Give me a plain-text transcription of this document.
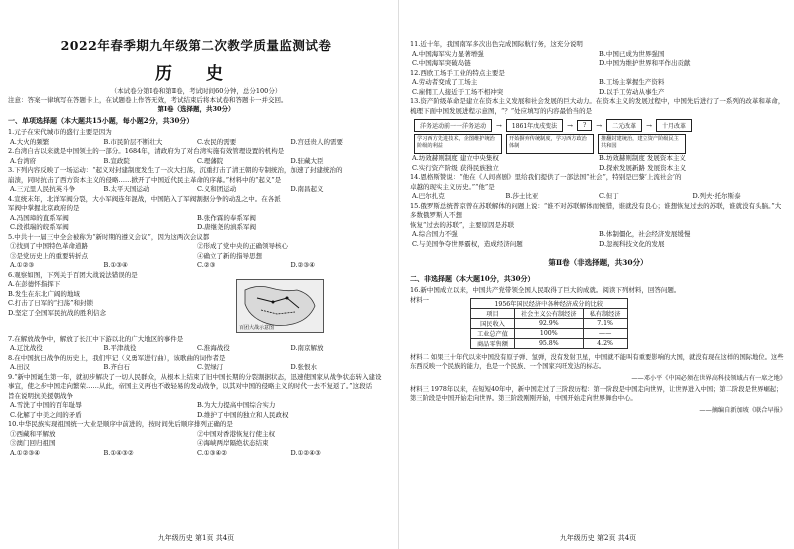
2022年春季期九年级第二次教学质量监测试卷
历 史
（本试卷分第Ⅰ卷和第Ⅱ卷，考试时间60分钟，总分100分）
注意：答案一律填写在答题卡上，在试题卷上作答无效，考试结束后将本试卷和答题卡一并交回。
第Ⅰ卷（选择题，共30分）
一、单项选择题（本大题共15小题，每小题2分，共30分）

1.元子在宋代城市的盛行主要是因为

A.大火的频繁	B.市民阶层不断壮大	C.农民的需要	D.宫廷贵人的需要

2.台湾自古以来就是中国领土的一部分。1684年，清政府为了对台湾实施有效管理设置的机构是

A.台湾府	B.宣政院	C.理藩院	D.驻藏大臣

3.下列内容反映了一场运动：“起义对封建制度发生了一次大扫荡，沉重打击了清王朝的专制统治，加速了封建统治的

崩溃，同时抗击了西方资本主义的侵略……掀开了中国近代民主革命的序幕。”材料中的“起义”是

A.三元里人民抗英斗争	B.太平天国运动	C.义和团运动	D.南昌起义

4.宣统末年，北洋军阀分裂，大小军阀连年混战，中国陷入了军阀割据分争的动乱之中。在各派

军阀中掌握北京政府的是

A.冯国璋的直系军阀	B.张作霖的奉系军阀
C.段祺瑞的皖系军阀	D.唐继尧的滇系军阀

5.中共十一届三中全会被称为“新时期的遵义会议”，因为这两次会议都

①找到了中国特色革命道路	②形成了党中央的正确领导核心
③是党历史上的重要转折点	④确立了新的指导思想
A.①②③	B.①③④	C.②③	D.②③④

6.观察如图，下列关于百团大战说法错误的是

A.在彭德怀指挥下
B.发生在东北广阔的地域
C.打击了日军的“扫荡”和封锁
D.坚定了全国军民抗战的胜利信念
百团大战示意图

7.在解放战争中，解放了长江中下游以北的广大地区的事件是

A.辽沈战役	B.平津战役	C.淮海战役	D.南京解放

8.在中国抗日战争的历史上，我们牢记（义勇军进行曲），该歌曲的词作者是

A.田汉	B.齐白石	C.贺绿汀	D.张恨水

9.“新中国诞生第一年，就初步解决了一切人民群众，从根本上结束了旧中国长期的分裂割据状态，迅速使国家从战争状态转入建设

事宜，使之步中国走向繁荣……从此，帝国主义再也不敢轻易的发动战争，以其对中国的侵略主义的时代一去不复返了。”这段话

旨在说明抗美援朝战争

A.雪洗了中国的百年耻辱	B.为大力提高中国综合实力
C.化解了中美之间的矛盾	D.维护了中国的独立和人民政权

10.中华民族实现祖国统一大业是顺序中前进的，按时间先后顺序排列正确的是

①西藏和平解放	②中国对香港恢复行使主权
③澳门回归祖国	④海峡两岸隔绝状态结束
A.①②③④	B.①④③②	C.①③④②	D.①②④③
九年级历史 第1页 共4页

11.近十年，我国南军多次出色完成国际航行务，这充分说明

A.中国海军实力显著增强	B.中国已成为世界强国
C.中国海军突破岛链	D.中国为维护世界和平作出贡献

12.西欧工场手工业的特点主要是

A.劳动者变成了工场主	B.工场主掌握生产资料
C.雇佣工人接近于工场不相冲突	D.以手工劳动从事生产

13.资产阶级革命是建立在资本主义发展和社会发展的巨大动力。在资本主义的发展过程中，中国先后进行了一系列的改革和革命，

梳理下面中国发展进程示意图，“？”处应填写的内容最恰当的是

洋务运动前一一洋务运动	→	1861年戊戌变法	→	?	→	二元改革	→	十月改革
学习西方先进技术，企图维护统治阶级的利益
开始摒弃传统制度，学习西方政治体制
推翻封建统治，建立资产阶级民主共和国
A.坊效赫则制度 建立中央集权	B.坊效赫则制度 发展资本主义
C.实行资产阶级 获得民族独立	D.探索发展新路 发展资本主义

14.恩格斯赞说：“他在《人间喜剧》里给我们提供了一部法国“社会”，特别是巴黎‘上流社会’的

卓越的现实主义历史。”“他”是

A.巴尔扎克	B.莎士比亚	C.但丁	D.列夫·托尔斯泰

15.俄罗斯总统普京曾在苏联解体的问题上说：“谁不对苏联解体而惋惜，谁就没有良心；谁想恢复过去的苏联，谁就没有头脑。”大多数俄罗斯人不想

恢复“过去的苏联”，主要原因是苏联

A.综合国力不强	B.体制僵化，社会经济发展缓慢
C.与美国争夺世界霸权，造成经济问题	D.忽视科技文化的发展
第Ⅱ卷（非选择题，共30分）
二、非选择题（本大题10分，共30分）

16.新中国成立以来，中国共产党带领全国人民取得了巨大的成就。阅读下列材料，回答问题。

材料一
1956年国民经济中各种经济成分的比较		
项目	社会主义公有制经济	私有制经济
国民收入	92.9%	7.1%
工业总产值	100%	——
商品零售额	95.8%	4.2%

材料二 如果三十年代以来中国没有原子弹、氢弹，没有发射卫星，中国就不能叫有重要影响的大国，就没有现在这样的国际地位。这些东西反映一个民族的能力，也是一个民族、一个国家兴旺发达的标志。

——邓小平《中国必须在世界高科技领域占有一席之地》

材料三 1978年以来，在短短40年中，新中国走过了三阶段历程：第一阶段是中国走向世界，让世界进入中国；第二阶段是世界崛起；第三阶段是中国开始走向世界。第三阶段刚刚开始，中国开始走向世界舞台中心。

——摘编自新加坡《联合早报》
九年级历史 第2页 共4页
